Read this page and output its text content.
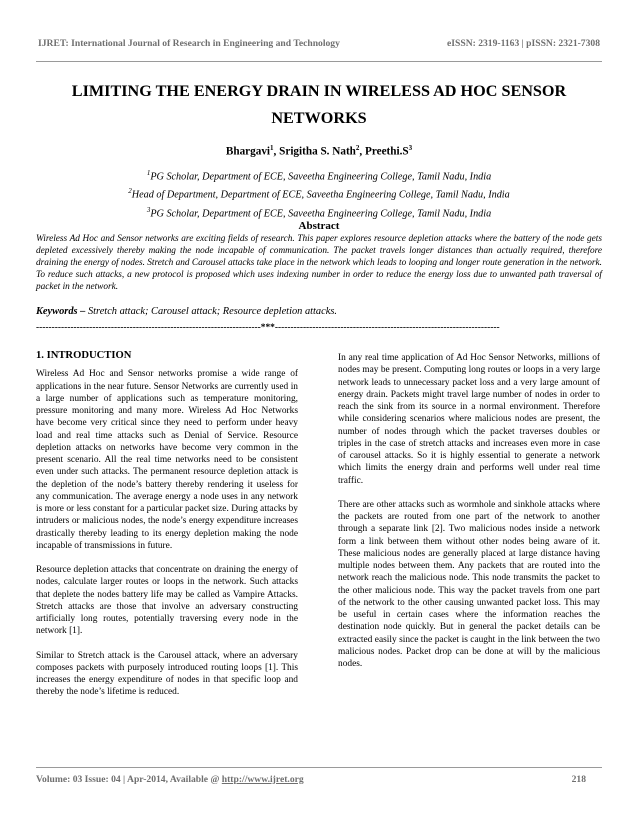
IJRET: International Journal of Research in Engineering and Technology	eISSN: 2319-1163 | pISSN: 2321-7308
LIMITING THE ENERGY DRAIN IN WIRELESS AD HOC SENSOR NETWORKS
Bhargavi$^1$, Srigitha S. Nath$^2$, $Preethi.S^3$
$^1$PG Scholar, Department of ECE, Saveetha Engineering College, Tamil Nadu, India
$^2$Head of Department, Department of ECE, Saveetha Engineering College, Tamil Nadu, India
$^3$PG Scholar, Department of ECE, Saveetha Engineering College, Tamil Nadu, India
Abstract
Wireless Ad Hoc and Sensor networks are exciting fields of research. This paper explores resource depletion attacks where the battery of the node gets depleted excessively thereby making the node incapable of communication. The packet travels longer distances than actually required, therefore draining the energy of nodes. Stretch and Carousel attacks take place in the network which leads to looping and longer route generation in the network. To reduce such attacks, a new protocol is proposed which uses indexing number in order to reduce the energy loss due to unwanted path traversal of packet in the network.
Keywords – Stretch attack; Carousel attack; Resource depletion attacks.
------------------------------------------------------------------------***------------------------------------------------------------------------
1. INTRODUCTION

Wireless Ad Hoc and Sensor networks promise a wide range of applications in the near future. Sensor Networks are currently used in a large number of applications such as temperature monitoring, pressure monitoring and many more. Wireless Ad Hoc Networks have become very critical since they need to perform under heavy load and real time attacks such as Denial of Service. Resource depletion attacks on networks have become very common in the present scenario. All the real time networks need to be consistent even under such attacks. The permanent resource depletion attack is the depletion of the node’s battery thereby rendering it useless for any communication. The average energy a node uses in any network is more or less constant for a particular packet size. During attacks by intruders or malicious nodes, the node’s energy expenditure increases drastically thereby leading to its energy depletion making the node incapable of transmissions in future.

Resource depletion attacks that concentrate on draining the energy of nodes, calculate larger routes or loops in the network. Such attacks that deplete the nodes battery life may be called as Vampire Attacks. Stretch attacks are those that involve an adversary constructing artificially long routes, potentially traversing every node in the network [1].

Similar to Stretch attack is the Carousel attack, where an adversary composes packets with purposely introduced routing loops [1]. This increases the energy expenditure of nodes in that specific loop and thereby the node’s lifetime is reduced.

In any real time application of Ad Hoc Sensor Networks, millions of nodes may be present. Computing long routes or loops in a very large network leads to unnecessary packet loss and a very large amount of energy drain. Packets might travel large number of nodes in order to reach the sink from its source in a normal environment. Therefore while considering scenarios where malicious nodes are present, the number of nodes through which the packet traverses doubles or triples in the case of stretch attacks and increases even more in case of carousel attacks. So it is highly essential to generate a network which limits the energy drain and performs well under real time traffic.

There are other attacks such as wormhole and sinkhole attacks where the packets are routed from one part of the network to another through a separate link [2]. Two malicious nodes inside a network form a link between them without other nodes being aware of it. These malicious nodes are generally placed at large distance having multiple nodes between them. Any packets that are routed into the network reach the malicious node. This node transmits the packet to the other malicious node. This way the packet travels from one part of the network to the other causing unwanted packet loss. This may be useful in certain cases where the information reaches the destination node quickly. But in general the packet details can be extracted easily since the packet is caught in the link between the two malicious nodes. Packet drop can be done at will by the malicious nodes.

Volume: 03 Issue: 04 | Apr-2014, Available @ http://www.ijret.org	218
